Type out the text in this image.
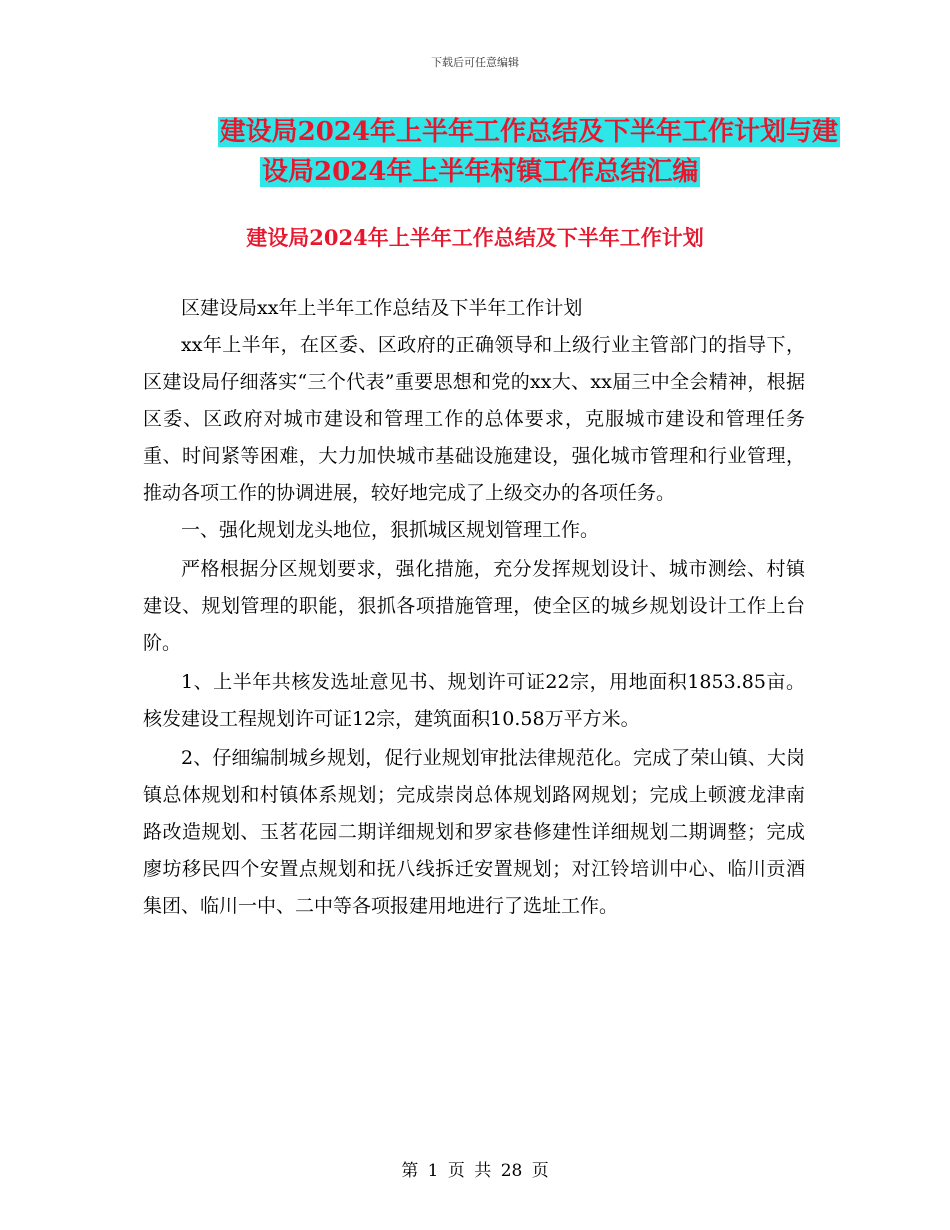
下载后可任意编辑
建设局2024年上半年工作总结及下半年工作计划与建
设局2024年上半年村镇工作总结汇编
建设局2024年上半年工作总结及下半年工作计划

区建设局xx年上半年工作总结及下半年工作计划

xx年上半年，在区委、区政府的正确领导和上级行业主管部门的指导下，区建设局仔细落实“三个代表”重要思想和党的xx大、xx届三中全会精神，根据区委、区政府对城市建设和管理工作的总体要求，克服城市建设和管理任务重、时间紧等困难，大力加快城市基础设施建设，强化城市管理和行业管理，推动各项工作的协调进展，较好地完成了上级交办的各项任务。

一、强化规划龙头地位，狠抓城区规划管理工作。

严格根据分区规划要求，强化措施，充分发挥规划设计、城市测绘、村镇建设、规划管理的职能，狠抓各项措施管理，使全区的城乡规划设计工作上台阶。

1、上半年共核发选址意见书、规划许可证22宗，用地面积1853.85亩。核发建设工程规划许可证12宗，建筑面积10.58万平方米。

2、仔细编制城乡规划，促行业规划审批法律规范化。完成了荣山镇、大岗镇总体规划和村镇体系规划；完成崇岗总体规划路网规划；完成上顿渡龙津南路改造规划、玉茗花园二期详细规划和罗家巷修建性详细规划二期调整；完成廖坊移民四个安置点规划和抚八线拆迁安置规划；对江铃培训中心、临川贡酒集团、临川一中、二中等各项报建用地进行了选址工作。

第 1 页 共 28 页
